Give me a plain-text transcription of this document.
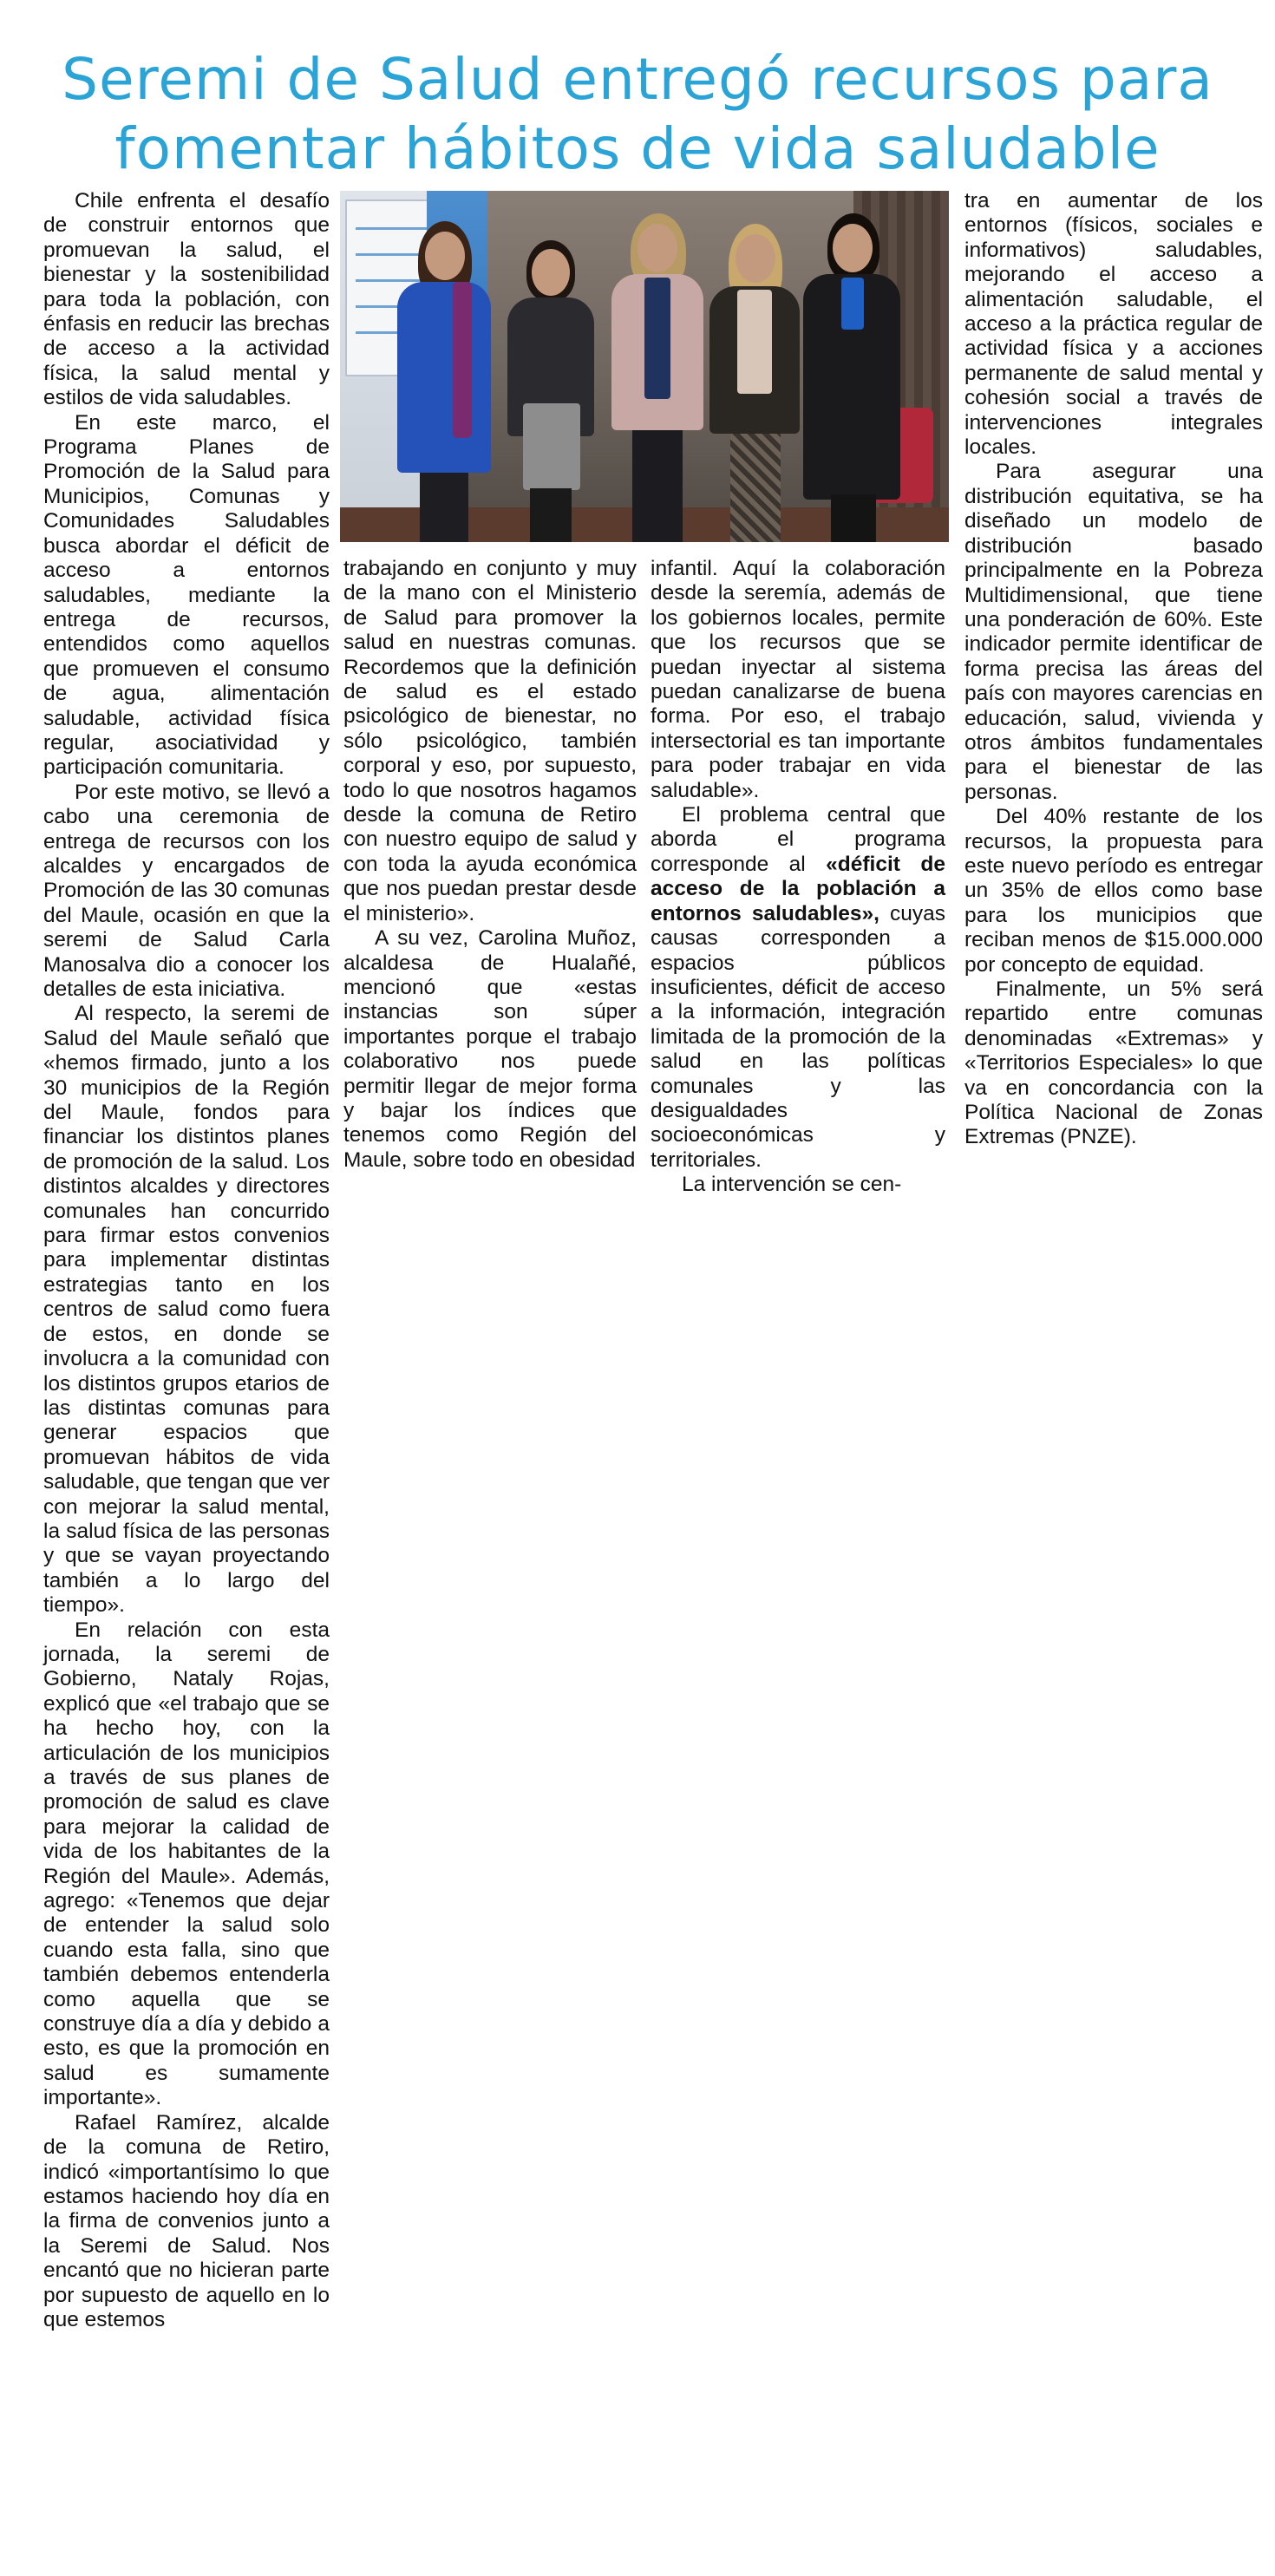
Seremi de Salud entregó recursos para fomentar hábitos de vida saludable

Chile enfrenta el desafío de construir entornos que promuevan la salud, el bienestar y la sostenibilidad para toda la población, con énfasis en reducir las brechas de acceso a la actividad física, la salud mental y estilos de vida saludables.

En este marco, el Programa Planes de Promoción de la Salud para Municipios, Comunas y Comunidades Saludables busca abordar el déficit de acceso a entornos saludables, mediante la entrega de recursos, entendidos como aquellos que promueven el consumo de agua, alimentación saludable, actividad física regular, asociatividad y participación comunitaria.

Por este motivo, se llevó a cabo una ceremonia de entrega de recursos con los alcaldes y encargados de Promoción de las 30 comunas del Maule, ocasión en que la seremi de Salud Carla Manosalva dio a conocer los detalles de esta iniciativa.

Al respecto, la seremi de Salud del Maule señaló que «hemos firmado, junto a los 30 municipios de la Región del Maule, fondos para financiar los distintos planes de promoción de la salud. Los distintos alcaldes y directores comunales han concurrido para firmar estos convenios para implementar distintas estrategias tanto en los centros de salud como fuera de estos, en donde se involucra a la comunidad con los distintos grupos etarios de las distintas comunas para generar espacios que promuevan hábitos de vida saludable, que tengan que ver con mejorar la salud mental, la salud física de las personas y que se vayan proyectando también a lo largo del tiempo».

En relación con esta jornada, la seremi de Gobierno, Nataly Rojas, explicó que «el trabajo que se ha hecho hoy, con la articulación de los municipios a través de sus planes de promoción de salud es clave para mejorar la calidad de vida de los habitantes de la Región del Maule». Además, agrego: «Tenemos que dejar de entender la salud solo cuando esta falla, sino que también debemos entenderla como aquella que se construye día a día y debido a esto, es que la promoción en salud es sumamente importante».

Rafael Ramírez, alcalde de la comuna de Retiro, indicó «importantísimo lo que estamos haciendo hoy día en la firma de convenios junto a la Seremi de Salud. Nos encantó que no hicieran parte por supuesto de aquello en lo que estemos

trabajando en conjunto y muy de la mano con el Ministerio de Salud para promover la salud en nuestras comunas. Recordemos que la definición de salud es el estado psicológico de bienestar, no sólo psicológico, también corporal y eso, por supuesto, todo lo que nosotros hagamos desde la comuna de Retiro con nuestro equipo de salud y con toda la ayuda económica que nos puedan prestar desde el ministerio».

A su vez, Carolina Muñoz, alcaldesa de Hualañé, mencionó que «estas instancias son súper importantes porque el trabajo colaborativo nos puede permitir llegar de mejor forma y bajar los índices que tenemos como Región del Maule, sobre todo en obesidad

infantil. Aquí la colaboración desde la seremía, además de los gobiernos locales, permite que los recursos que se puedan inyectar al sistema puedan canalizarse de buena forma. Por eso, el trabajo intersectorial es tan importante para poder trabajar en vida saludable».

El problema central que aborda el programa corresponde al «déficit de acceso de la población a entornos saludables», cuyas causas corresponden a espacios públicos insuficientes, déficit de acceso a la información, integración limitada de la promoción de la salud en las políticas comunales y las desigualdades socioeconómicas y territoriales.

La intervención se cen-

tra en aumentar de los entornos (físicos, sociales e informativos) saludables, mejorando el acceso a alimentación saludable, el acceso a la práctica regular de actividad física y a acciones permanente de salud mental y cohesión social a través de intervenciones integrales locales.

Para asegurar una distribución equitativa, se ha diseñado un modelo de distribución basado principalmente en la Pobreza Multidimensional, que tiene una ponderación de 60%. Este indicador permite identificar de forma precisa las áreas del país con mayores carencias en educación, salud, vivienda y otros ámbitos fundamentales para el bienestar de las personas.

Del 40% restante de los recursos, la propuesta para este nuevo período es entregar un 35% de ellos como base para los municipios que reciban menos de $15.000.000 por concepto de equidad.

Finalmente, un 5% será repartido entre comunas denominadas «Extremas» y «Territorios Especiales» lo que va en concordancia con la Política Nacional de Zonas Extremas (PNZE).
